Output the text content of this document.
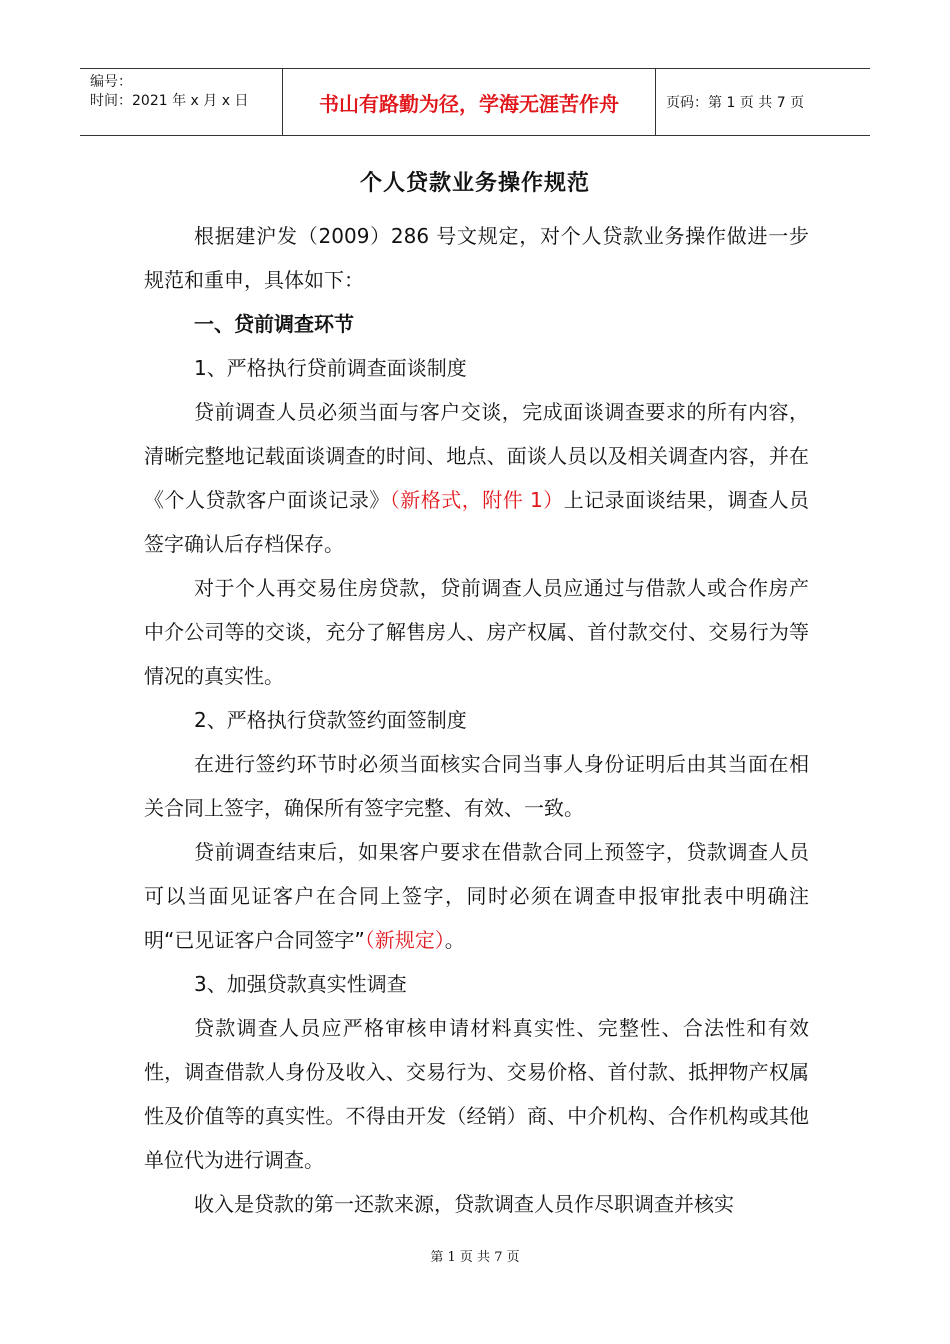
编号：
时间：2021 年 x 月 x 日	书山有路勤为径，学海无涯苦作舟	页码：第 1 页 共 7 页
个人贷款业务操作规范

根据建沪发（2009）286 号文规定，对个人贷款业务操作做进一步规范和重申，具体如下：

一、贷前调查环节

1、严格执行贷前调查面谈制度

贷前调查人员必须当面与客户交谈，完成面谈调查要求的所有内容，清晰完整地记载面谈调查的时间、地点、面谈人员以及相关调查内容，并在《个人贷款客户面谈记录》（新格式，附件 1）上记录面谈结果，调查人员签字确认后存档保存。

对于个人再交易住房贷款，贷前调查人员应通过与借款人或合作房产中介公司等的交谈，充分了解售房人、房产权属、首付款交付、交易行为等情况的真实性。

2、严格执行贷款签约面签制度

在进行签约环节时必须当面核实合同当事人身份证明后由其当面在相关合同上签字，确保所有签字完整、有效、一致。

贷前调查结束后，如果客户要求在借款合同上预签字，贷款调查人员可以当面见证客户在合同上签字，同时必须在调查申报审批表中明确注明“已见证客户合同签字”（新规定）。

3、加强贷款真实性调查

贷款调查人员应严格审核申请材料真实性、完整性、合法性和有效性，调查借款人身份及收入、交易行为、交易价格、首付款、抵押物产权属性及价值等的真实性。不得由开发（经销）商、中介机构、合作机构或其他单位代为进行调查。

收入是贷款的第一还款来源，贷款调查人员作尽职调查并核实

第 1 页 共 7 页
